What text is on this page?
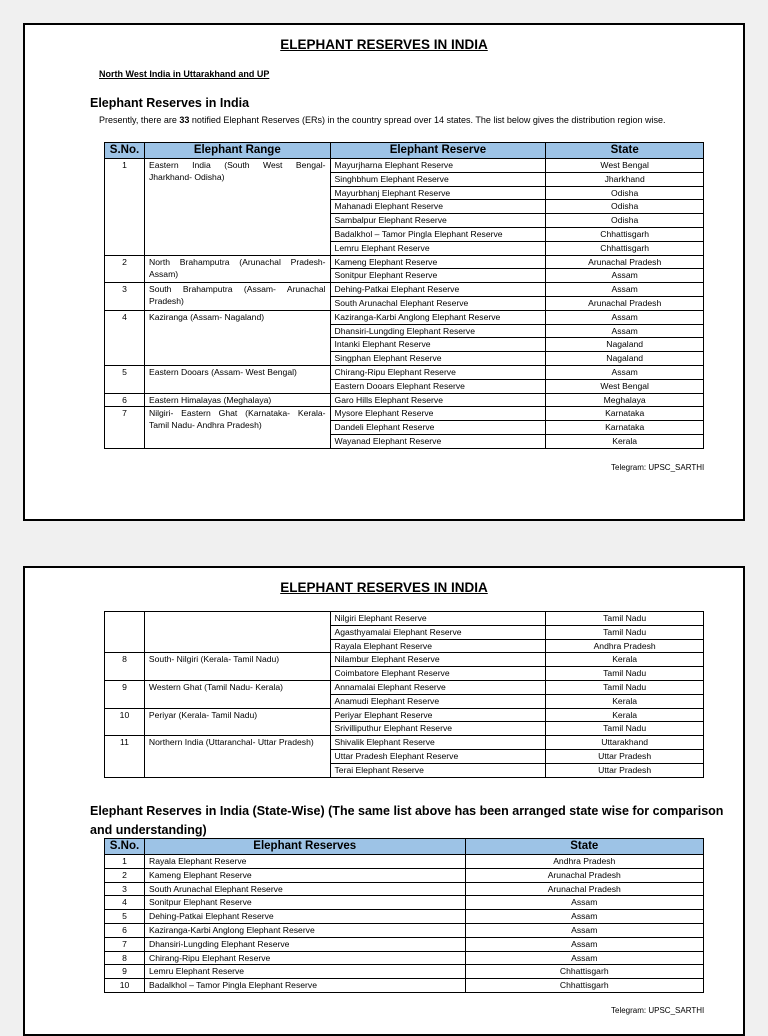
ELEPHANT RESERVES IN INDIA
North West India in Uttarakhand and UP
Elephant Reserves in India
Presently, there are 33 notified Elephant Reserves (ERs) in the country spread over 14 states. The list below gives the distribution region wise.
S.No.	Elephant Range	Elephant Reserve	State
1	Eastern India (South West Bengal- Jharkhand- Odisha)	Mayurjharna Elephant Reserve	West Bengal
		Singhbhum Elephant Reserve	Jharkhand
		Mayurbhanj Elephant Reserve	Odisha
		Mahanadi Elephant Reserve	Odisha
		Sambalpur Elephant Reserve	Odisha
		Badalkhol – Tamor Pingla Elephant Reserve	Chhattisgarh
		Lemru Elephant Reserve	Chhattisgarh
2	North Brahamputra (Arunachal Pradesh- Assam)	Kameng Elephant Reserve	Arunachal Pradesh
		Sonitpur Elephant Reserve	Assam
3	South Brahamputra (Assam- Arunachal Pradesh)	Dehing-Patkai Elephant Reserve	Assam
		South Arunachal Elephant Reserve	Arunachal Pradesh
4	Kaziranga (Assam- Nagaland)	Kaziranga-Karbi Anglong Elephant Reserve	Assam
		Dhansiri-Lungding Elephant Reserve	Assam
		Intanki Elephant Reserve	Nagaland
		Singphan Elephant Reserve	Nagaland
5	Eastern Dooars (Assam- West Bengal)	Chirang-Ripu Elephant Reserve	Assam
		Eastern Dooars Elephant Reserve	West Bengal
6	Eastern Himalayas (Meghalaya)	Garo Hills Elephant Reserve	Meghalaya
7	Nilgiri- Eastern Ghat (Karnataka- Kerala- Tamil Nadu- Andhra Pradesh)	Mysore Elephant Reserve	Karnataka
		Dandeli Elephant Reserve	Karnataka
		Wayanad Elephant Reserve	Kerala
Telegram: UPSC_SARTHI
ELEPHANT RESERVES IN INDIA
		Nilgiri Elephant Reserve	Tamil Nadu
		Agasthyamalai Elephant Reserve	Tamil Nadu
		Rayala Elephant Reserve	Andhra Pradesh
8	South- Nilgiri (Kerala- Tamil Nadu)	Nilambur Elephant Reserve	Kerala
		Coimbatore Elephant Reserve	Tamil Nadu
9	Western Ghat (Tamil Nadu- Kerala)	Annamalai Elephant Reserve	Tamil Nadu
		Anamudi Elephant Reserve	Kerala
10	Periyar (Kerala- Tamil Nadu)	Periyar Elephant Reserve	Kerala
		Srivilliputhur Elephant Reserve	Tamil Nadu
11	Northern India (Uttaranchal- Uttar Pradesh)	Shivalik Elephant Reserve	Uttarakhand
		Uttar Pradesh Elephant Reserve	Uttar Pradesh
		Terai Elephant Reserve	Uttar Pradesh
Elephant Reserves in India (State-Wise) (The same list above has been arranged state wise for comparison and understanding)
S.No.	Elephant Reserves	State
1	Rayala Elephant Reserve	Andhra Pradesh
2	Kameng Elephant Reserve	Arunachal Pradesh
3	South Arunachal Elephant Reserve	Arunachal Pradesh
4	Sonitpur Elephant Reserve	Assam
5	Dehing-Patkai Elephant Reserve	Assam
6	Kaziranga-Karbi Anglong Elephant Reserve	Assam
7	Dhansiri-Lungding Elephant Reserve	Assam
8	Chirang-Ripu Elephant Reserve	Assam
9	Lemru Elephant Reserve	Chhattisgarh
10	Badalkhol – Tamor Pingla Elephant Reserve	Chhattisgarh
Telegram: UPSC_SARTHI
